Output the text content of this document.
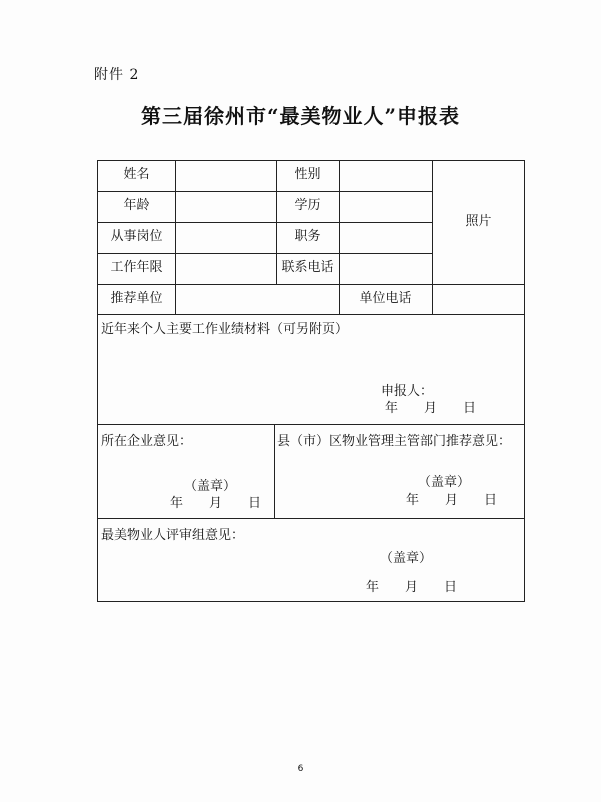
附件 2
第三届徐州市“最美物业人”申报表
姓名	性别
年龄	学历
照片
从事岗位	职务
工作年限	联系电话
推荐单位	单位电话
近年来个人主要工作业绩材料（可另附页）
申报人：
年　　月　　日
所在企业意见：
（盖章）
年　　月　　日
县（市）区物业管理主管部门推荐意见：
（盖章）
年　　月　　日
最美物业人评审组意见：
（盖章）
年　　月　　日
6
